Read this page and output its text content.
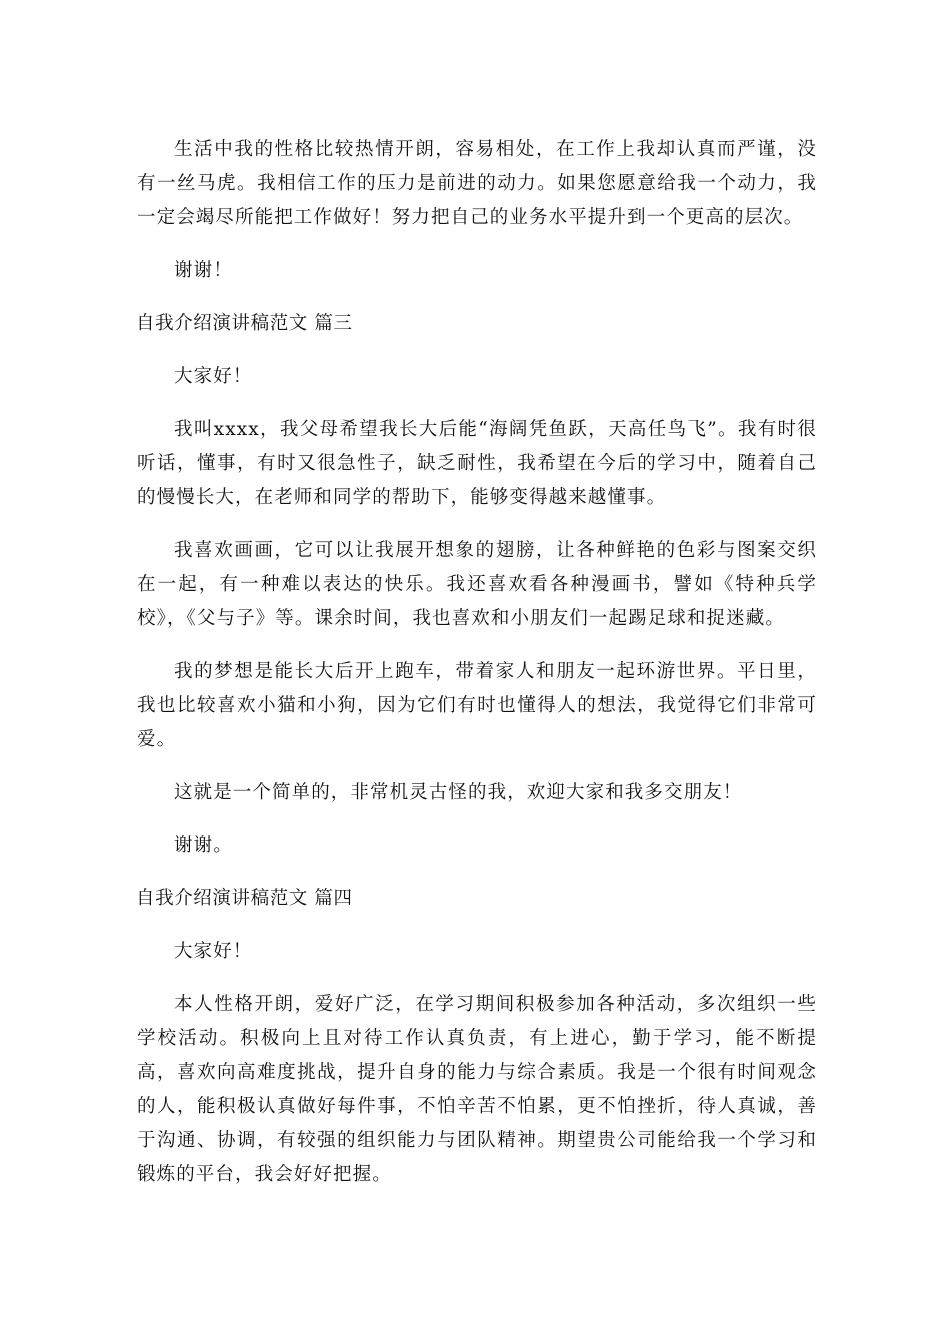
生活中我的性格比较热情开朗，容易相处，在工作上我却认真而严谨，没有一丝马虎。我相信工作的压力是前进的动力。如果您愿意给我一个动力，我一定会竭尽所能把工作做好！努力把自己的业务水平提升到一个更高的层次。

谢谢！

自我介绍演讲稿范文 篇三

大家好！

我叫xxxx，我父母希望我长大后能“海阔凭鱼跃，天高任鸟飞”。我有时很听话，懂事，有时又很急性子，缺乏耐性，我希望在今后的学习中，随着自己的慢慢长大，在老师和同学的帮助下，能够变得越来越懂事。

我喜欢画画，它可以让我展开想象的翅膀，让各种鲜艳的色彩与图案交织在一起，有一种难以表达的快乐。我还喜欢看各种漫画书，譬如《特种兵学校》，《父与子》等。课余时间，我也喜欢和小朋友们一起踢足球和捉迷藏。

我的梦想是能长大后开上跑车，带着家人和朋友一起环游世界。平日里，我也比较喜欢小猫和小狗，因为它们有时也懂得人的想法，我觉得它们非常可爱。

这就是一个简单的，非常机灵古怪的我，欢迎大家和我多交朋友！

谢谢。

自我介绍演讲稿范文 篇四

大家好！

本人性格开朗，爱好广泛，在学习期间积极参加各种活动，多次组织一些学校活动。积极向上且对待工作认真负责，有上进心，勤于学习，能不断提高，喜欢向高难度挑战，提升自身的能力与综合素质。我是一个很有时间观念的人，能积极认真做好每件事，不怕辛苦不怕累，更不怕挫折，待人真诚，善于沟通、协调，有较强的组织能力与团队精神。期望贵公司能给我一个学习和锻炼的平台，我会好好把握。
